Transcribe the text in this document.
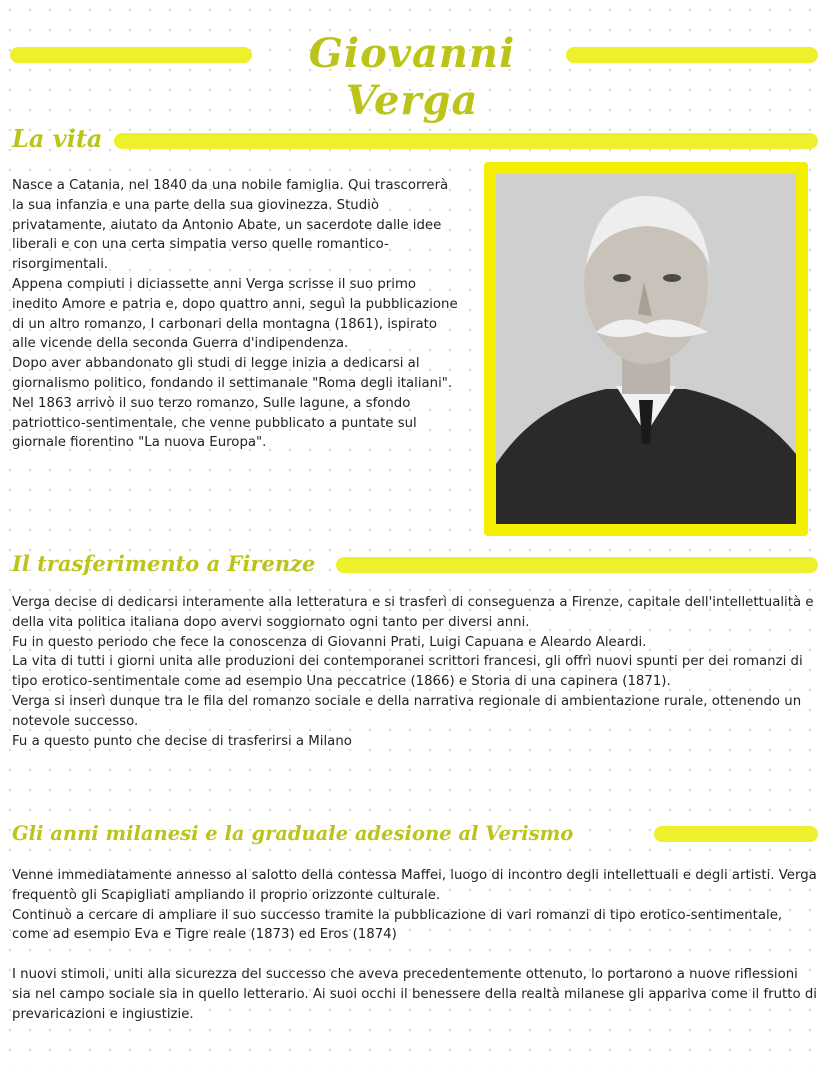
Giovanni Verga
La vita

Nasce a Catania, nel 1840 da una nobile famiglia. Qui trascorrerà la sua infanzia e una parte della sua giovinezza. Studiò privatamente, aiutato da Antonio Abate, un sacerdote dalle idee liberali e con una certa simpatia verso quelle romantico-risorgimentali.

Appena compiuti i diciassette anni Verga scrisse il suo primo inedito Amore e patria e, dopo quattro anni, seguì la pubblicazione di un altro romanzo, I carbonari della montagna (1861), ispirato alle vicende della seconda Guerra d'indipendenza.

Dopo aver abbandonato gli studi di legge inizia a dedicarsi al giornalismo politico, fondando il settimanale "Roma degli italiani".

Nel 1863 arrivò il suo terzo romanzo, Sulle lagune, a sfondo patriottico-sentimentale, che venne pubblicato a puntate sul giornale fiorentino "La nuova Europa".

Il trasferimento a Firenze

Verga decise di dedicarsi interamente alla letteratura e si trasferì di conseguenza a Firenze, capitale dell'intellettualità e della vita politica italiana dopo avervi soggiornato ogni tanto per diversi anni.

Fu in questo periodo che fece la conoscenza di Giovanni Prati, Luigi Capuana e Aleardo Aleardi.

La vita di tutti i giorni unita alle produzioni dei contemporanei scrittori francesi, gli offrì nuovi spunti per dei romanzi di tipo erotico-sentimentale come ad esempio Una peccatrice (1866) e Storia di una capinera (1871).

Verga si inserì dunque tra le fila del romanzo sociale e della narrativa regionale di ambientazione rurale, ottenendo un notevole successo.

Fu a questo punto che decise di trasferirsi a Milano

Gli anni milanesi e la graduale adesione al Verismo

Venne immediatamente annesso al salotto della contessa Maffei, luogo di incontro degli intellettuali e degli artisti. Verga frequentò gli Scapigliati ampliando il proprio orizzonte culturale.

Continuò a cercare di ampliare il suo successo tramite la pubblicazione di vari romanzi di tipo erotico-sentimentale, come ad esempio Eva e Tigre reale (1873) ed Eros (1874)

I nuovi stimoli, uniti alla sicurezza del successo che aveva precedentemente ottenuto, lo portarono a nuove riflessioni sia nel campo sociale sia in quello letterario. Ai suoi occhi il benessere della realtà milanese gli appariva come il frutto di prevaricazioni e ingiustizie.
